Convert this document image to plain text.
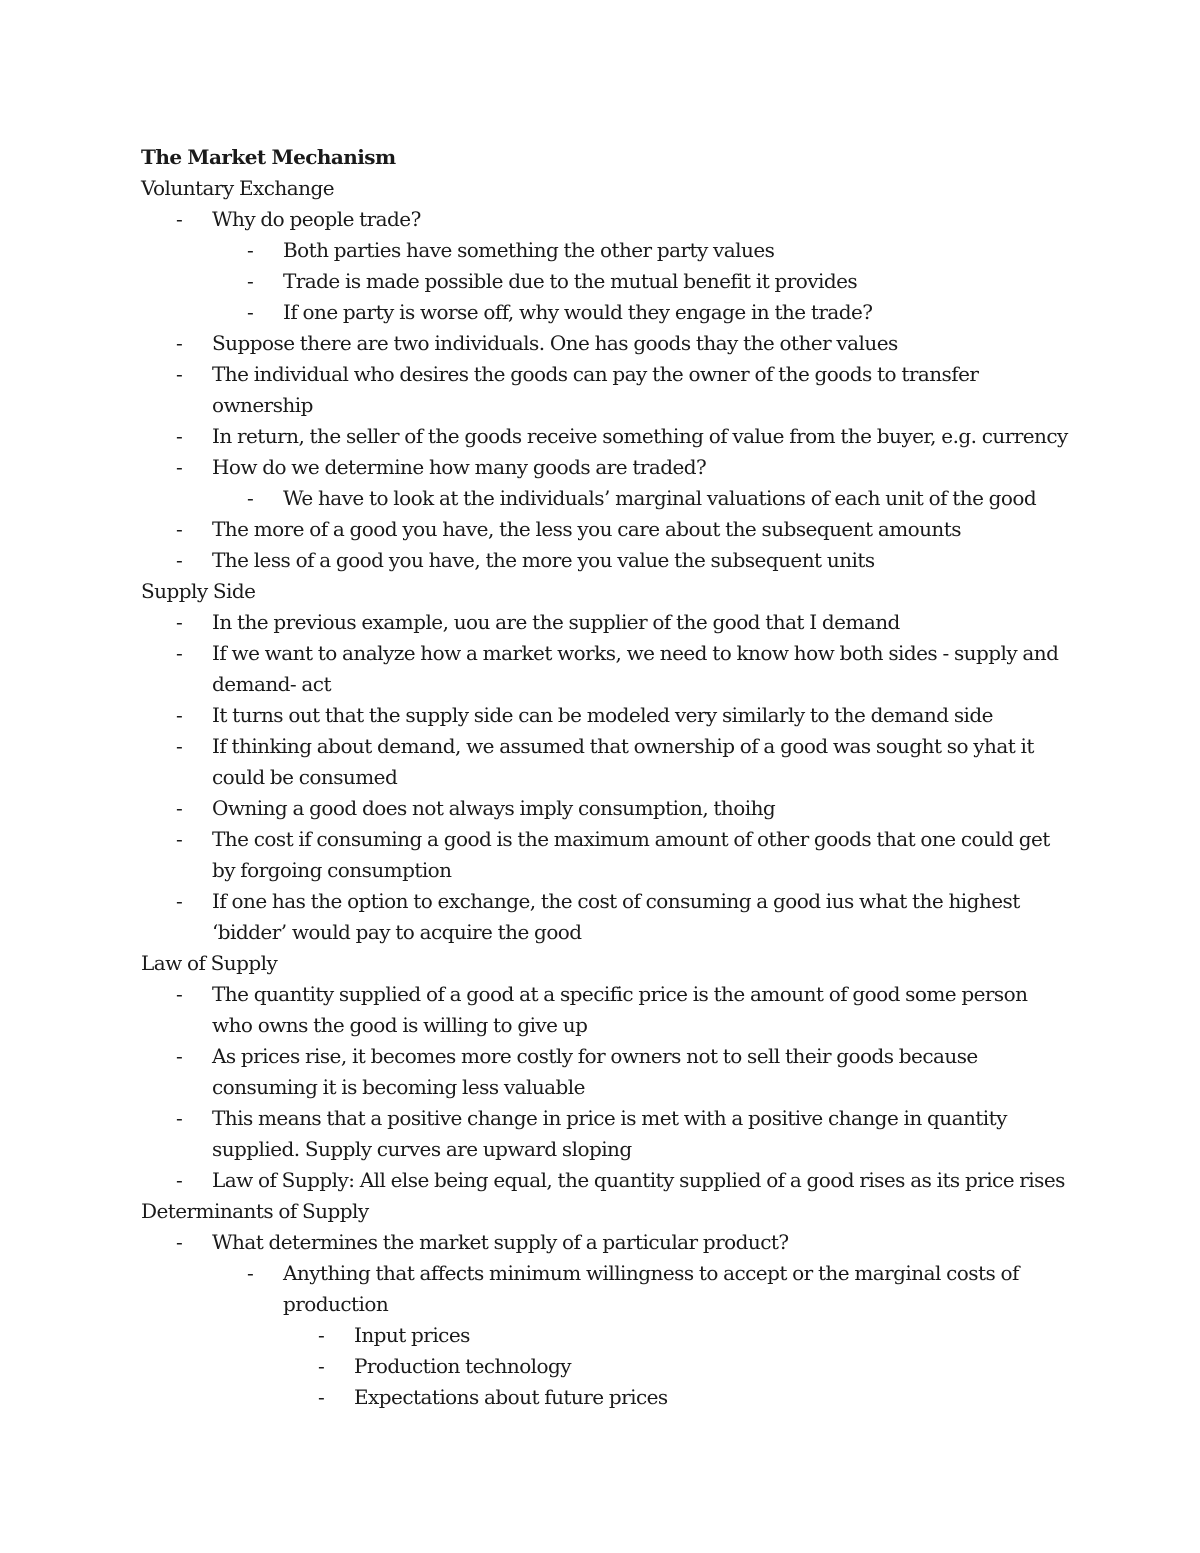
The Market Mechanism

Voluntary Exchange

- Why do people trade?
- Both parties have something the other party values
- Trade is made possible due to the mutual benefit it provides
- If one party is worse off, why would they engage in the trade?
- Suppose there are two individuals. One has goods thay the other values
- The individual who desires the goods can pay the owner of the goods to transfer ownership
- In return, the seller of the goods receive something of value from the buyer, e.g. currency
- How do we determine how many goods are traded?
- We have to look at the individuals’ marginal valuations of each unit of the good
- The more of a good you have, the less you care about the subsequent amounts
- The less of a good you have, the more you value the subsequent units

Supply Side

- In the previous example, uou are the supplier of the good that I demand
- If we want to analyze how a market works, we need to know how both sides - supply and demand- act
- It turns out that the supply side can be modeled very similarly to the demand side
- If thinking about demand, we assumed that ownership of a good was sought so yhat it could be consumed
- Owning a good does not always imply consumption, thoihg
- The cost if consuming a good is the maximum amount of other goods that one could get by forgoing consumption
- If one has the option to exchange, the cost of consuming a good ius what the highest ‘bidder’ would pay to acquire the good

Law of Supply

- The quantity supplied of a good at a specific price is the amount of good some person who owns the good is willing to give up
- As prices rise, it becomes more costly for owners not to sell their goods because consuming it is becoming less valuable
- This means that a positive change in price is met with a positive change in quantity supplied. Supply curves are upward sloping
- Law of Supply: All else being equal, the quantity supplied of a good rises as its price rises

Determinants of Supply

- What determines the market supply of a particular product?
- Anything that affects minimum willingness to accept or the marginal costs of production
- Input prices
- Production technology
- Expectations about future prices
